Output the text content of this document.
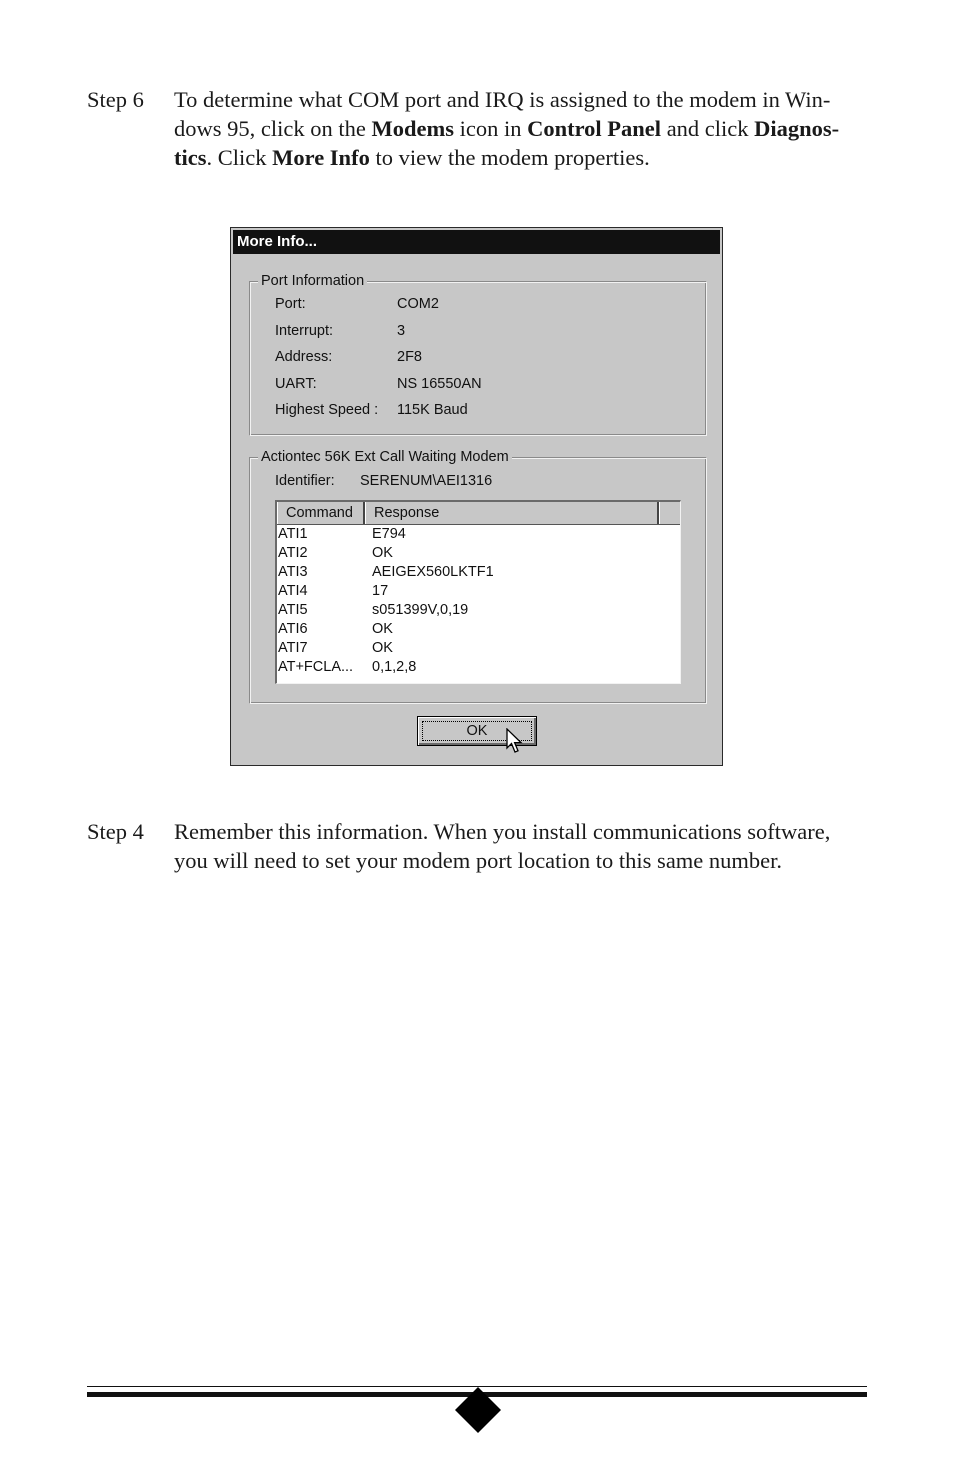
Step 6 To determine what COM port and IRQ is assigned to the modem in Win-
dows 95, click on the Modems icon in Control Panel and click Diagnos-
tics. Click More Info to view the modem properties.
More Info...
Port Information
Port:	COM2
Interrupt:	3
Address:	2F8
UART:	NS 16550AN
Highest Speed : 115K Baud
Actiontec 56K Ext Call Waiting Modem
Identifier: SERENUM\AEI1316
Command	Response
ATI1	E794
ATI2	OK
ATI3	AEIGEX560LKTF1
ATI4	17
ATI5	s051399V,0,19
ATI6	OK
ATI7	OK
AT+FCLA...	0,1,2,8
OK
Step 4 Remember this information. When you install communications software,
you will need to set your modem port location to this same number.
